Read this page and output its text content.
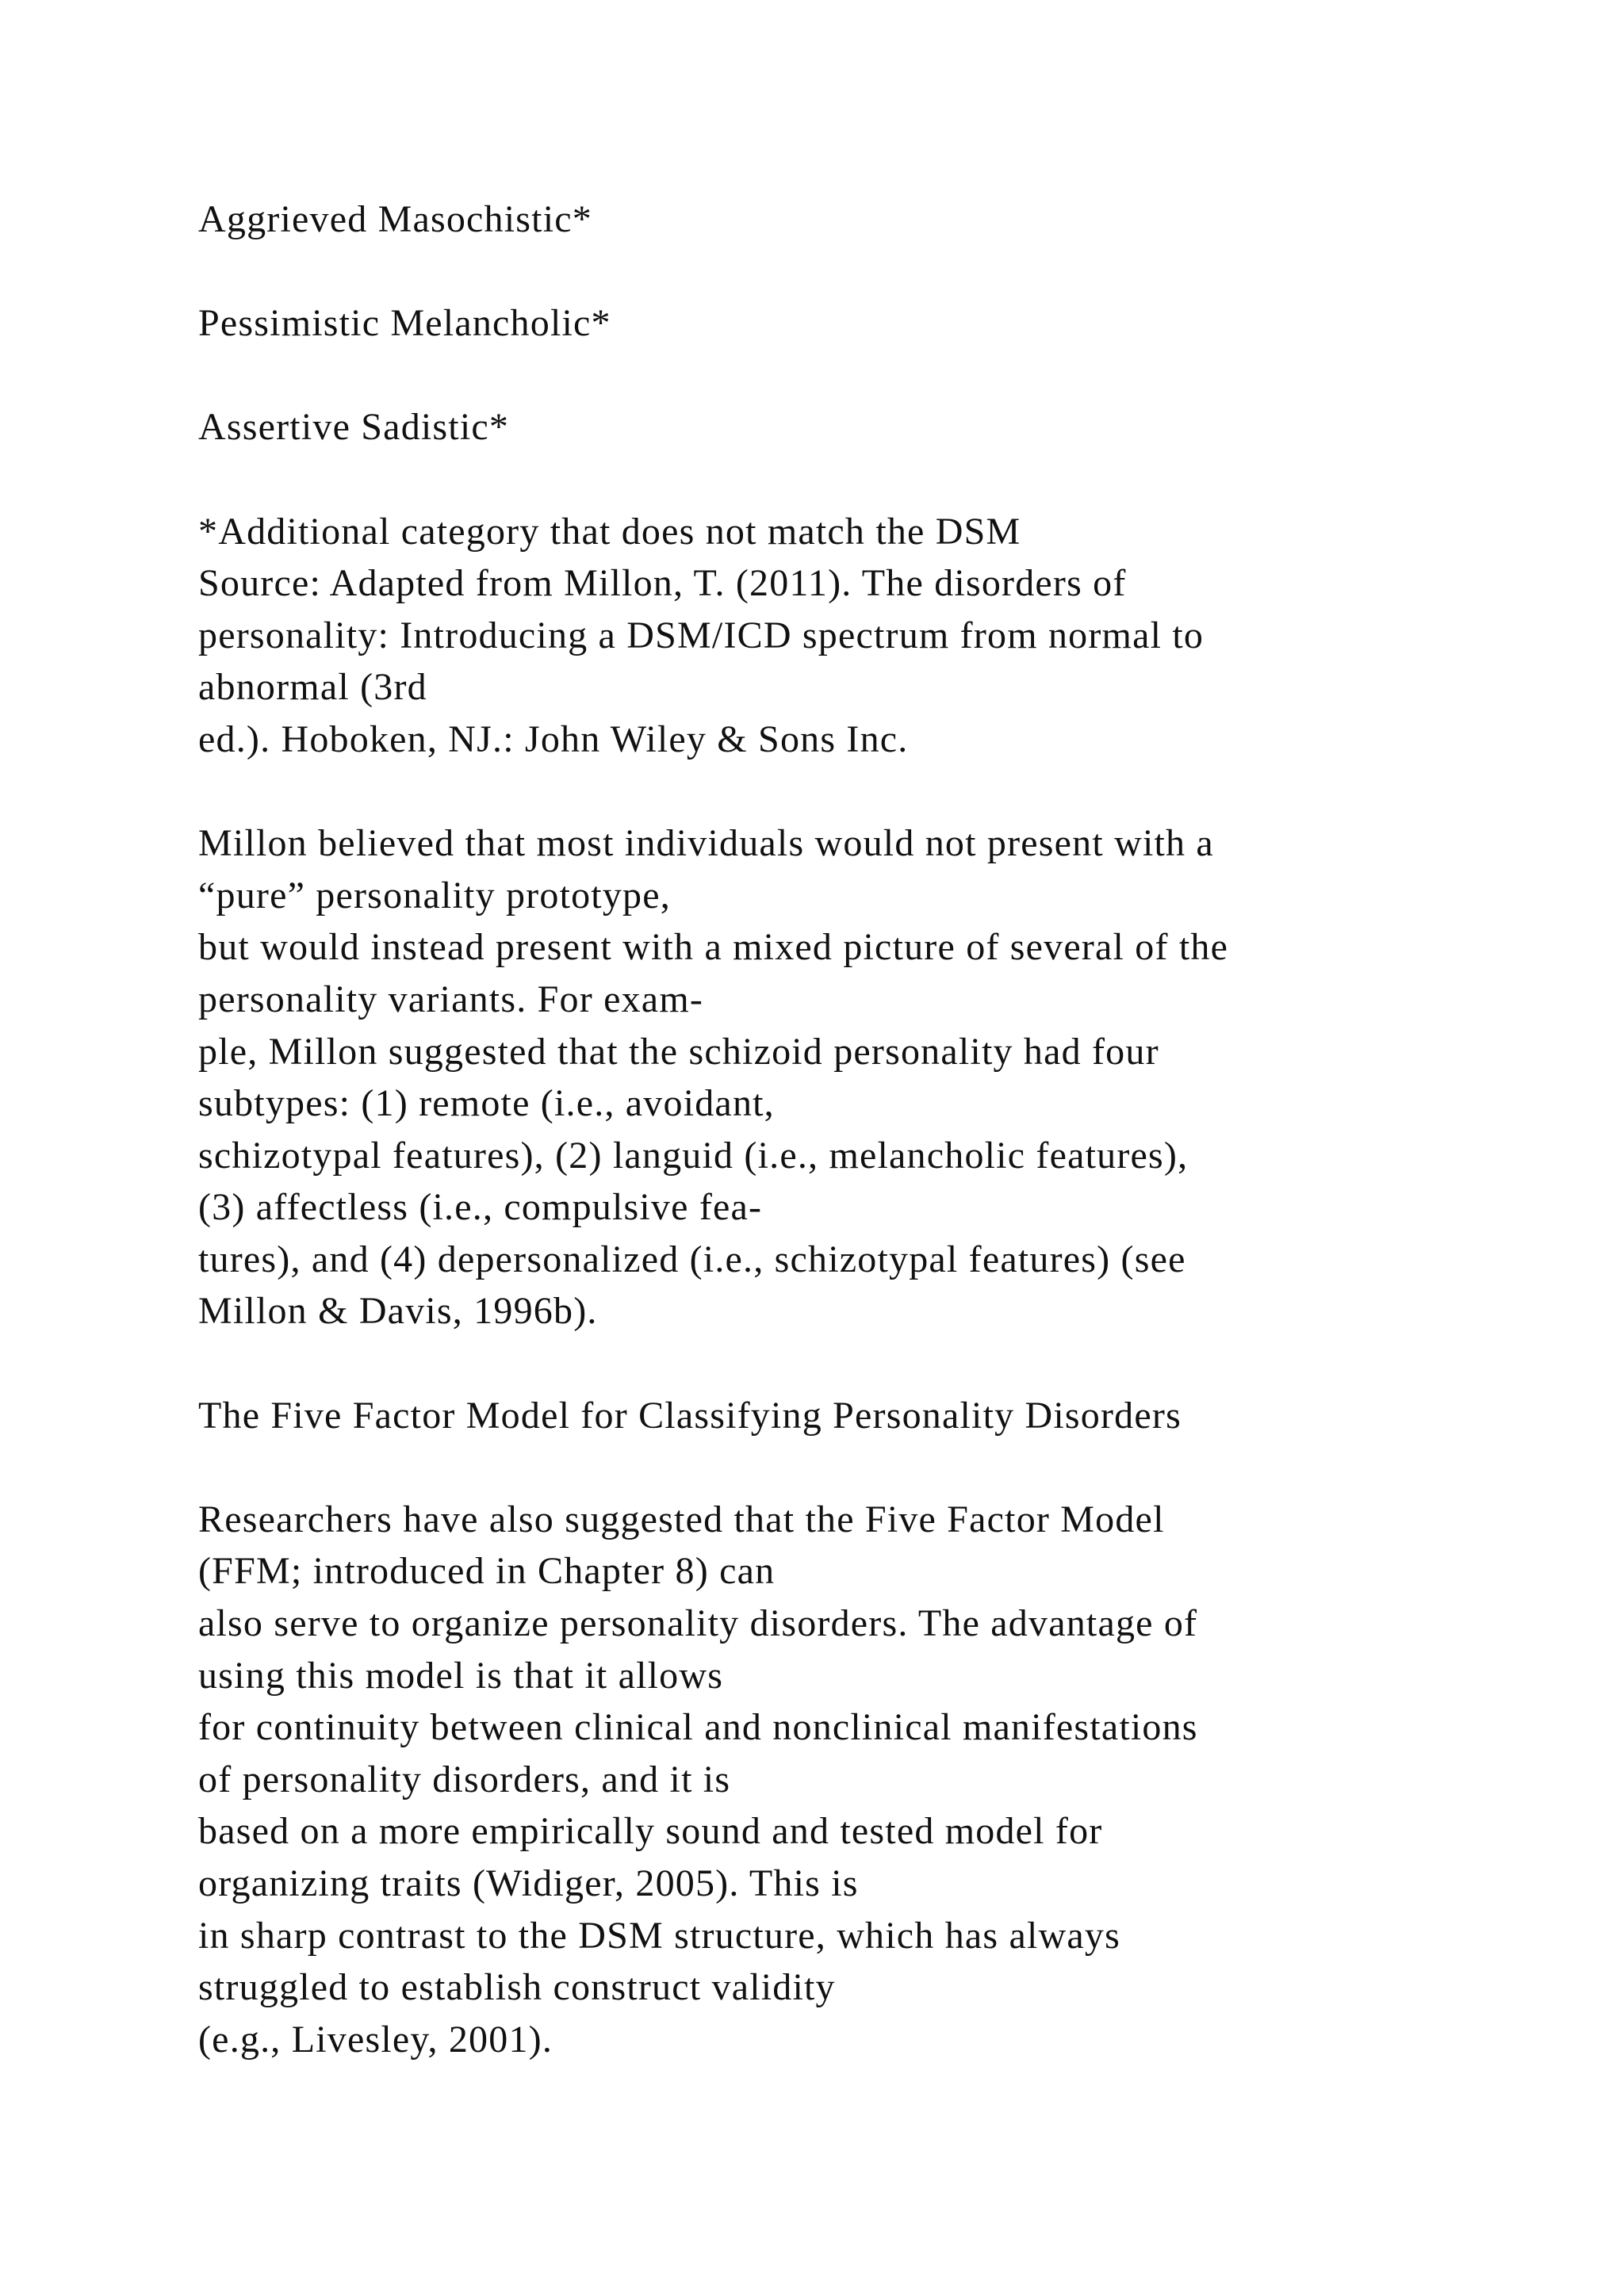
Aggrieved Masochistic*
Pessimistic Melancholic*
Assertive Sadistic*
*Additional category that does not match the DSM
Source: Adapted from Millon, T. (2011). The disorders of
personality: Introducing a DSM/ICD spectrum from normal to
abnormal (3rd
ed.). Hoboken, NJ.: John Wiley & Sons Inc.
Millon believed that most individuals would not present with a
“pure” personality prototype,
but would instead present with a mixed picture of several of the
personality variants. For exam-
ple, Millon suggested that the schizoid personality had four
subtypes: (1) remote (i.e., avoidant,
schizotypal features), (2) languid (i.e., melancholic features),
(3) affectless (i.e., compulsive fea-
tures), and (4) depersonalized (i.e., schizotypal features) (see
Millon & Davis, 1996b).
The Five Factor Model for Classifying Personality Disorders
Researchers have also suggested that the Five Factor Model
(FFM; introduced in Chapter 8) can
also serve to organize personality disorders. The advantage of
using this model is that it allows
for continuity between clinical and nonclinical manifestations
of personality disorders, and it is
based on a more empirically sound and tested model for
organizing traits (Widiger, 2005). This is
in sharp contrast to the DSM structure, which has always
struggled to establish construct validity
(e.g., Livesley, 2001).
